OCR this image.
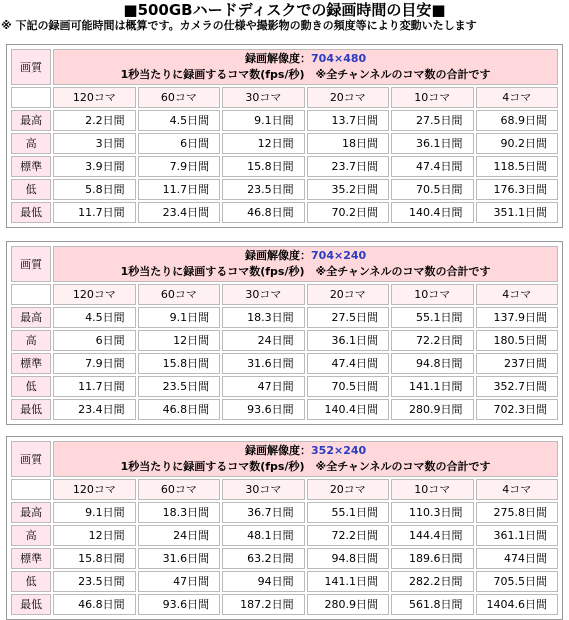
■500GBハードディスクでの録画時間の目安■
※ 下記の録画可能時間は概算です。カメラの仕様や撮影物の動きの頻度等により変動いたします
画質	録画解像度：704×480
1秒当たりに録画するコマ数(fps/秒)　※全チャンネルのコマ数の合計です					

	120コマ	60コマ	30コマ	20コマ	10コマ	4コマ
最高	2.2日間	4.5日間	9.1日間	13.7日間	27.5日間	68.9日間
高	3日間	6日間	12日間	18日間	36.1日間	90.2日間
標準	3.9日間	7.9日間	15.8日間	23.7日間	47.4日間	118.5日間
低	5.8日間	11.7日間	23.5日間	35.2日間	70.5日間	176.3日間
最低	11.7日間	23.4日間	46.8日間	70.2日間	140.4日間	351.1日間
画質	録画解像度：704×240
1秒当たりに録画するコマ数(fps/秒)　※全チャンネルのコマ数の合計です					

	120コマ	60コマ	30コマ	20コマ	10コマ	4コマ
最高	4.5日間	9.1日間	18.3日間	27.5日間	55.1日間	137.9日間
高	6日間	12日間	24日間	36.1日間	72.2日間	180.5日間
標準	7.9日間	15.8日間	31.6日間	47.4日間	94.8日間	237日間
低	11.7日間	23.5日間	47日間	70.5日間	141.1日間	352.7日間
最低	23.4日間	46.8日間	93.6日間	140.4日間	280.9日間	702.3日間
画質	録画解像度：352×240
1秒当たりに録画するコマ数(fps/秒)　※全チャンネルのコマ数の合計です					

	120コマ	60コマ	30コマ	20コマ	10コマ	4コマ
最高	9.1日間	18.3日間	36.7日間	55.1日間	110.3日間	275.8日間
高	12日間	24日間	48.1日間	72.2日間	144.4日間	361.1日間
標準	15.8日間	31.6日間	63.2日間	94.8日間	189.6日間	474日間
低	23.5日間	47日間	94日間	141.1日間	282.2日間	705.5日間
最低	46.8日間	93.6日間	187.2日間	280.9日間	561.8日間	1404.6日間
